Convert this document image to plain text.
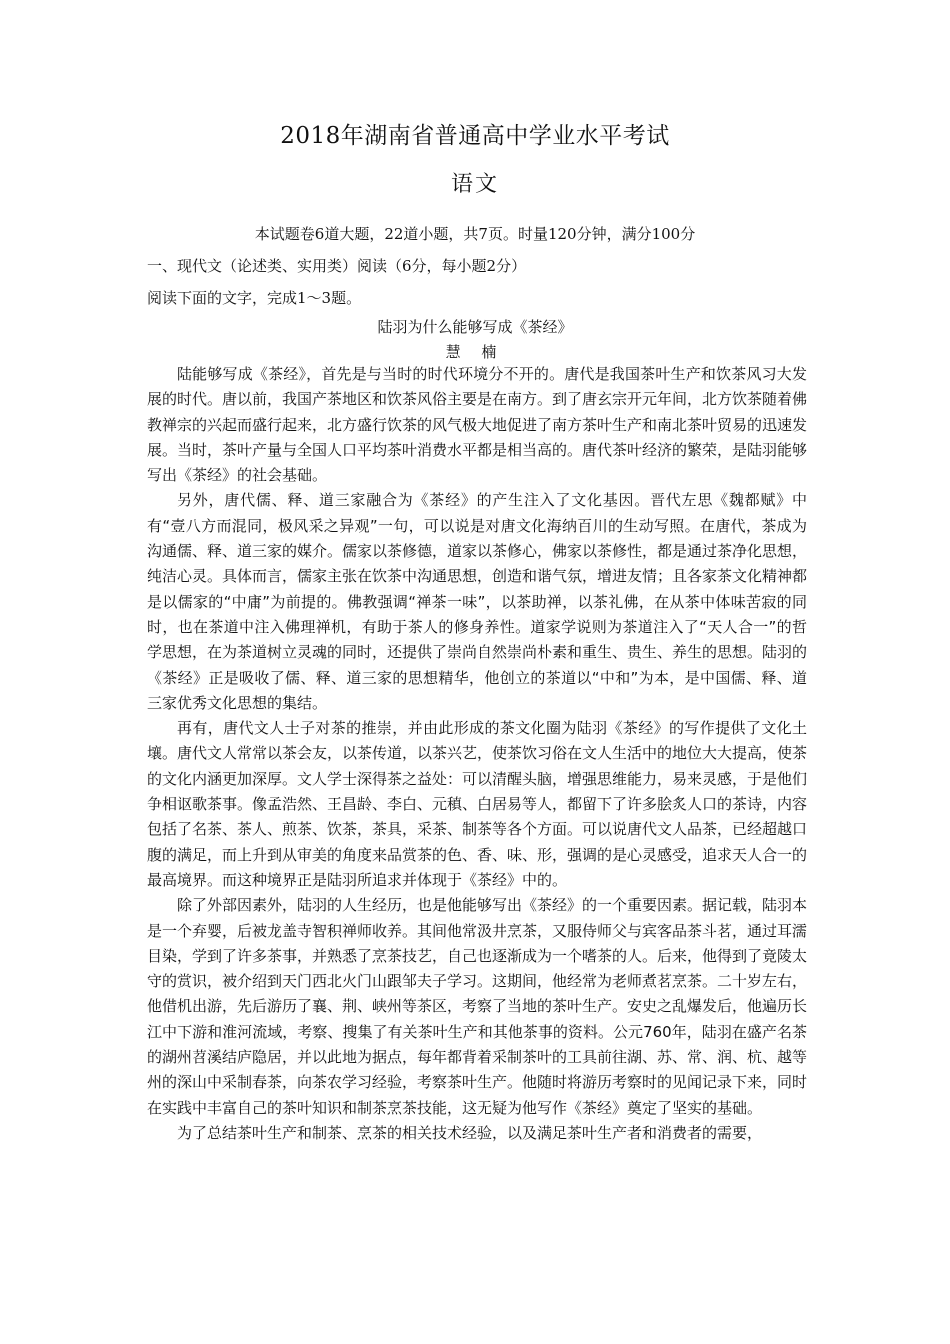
2018年湖南省普通高中学业水平考试
语文
本试题卷6道大题，22道小题，共7页。时量120分钟，满分100分
一、现代文（论述类、实用类）阅读（6分，每小题2分）
阅读下面的文字，完成1～3题。
陆羽为什么能够写成《茶经》
慧 楠

陆能够写成《茶经》，首先是与当时的时代环境分不开的。唐代是我国茶叶生产和饮茶风习大发展的时代。唐以前，我国产茶地区和饮茶风俗主要是在南方。到了唐玄宗开元年间，北方饮茶随着佛教禅宗的兴起而盛行起来，北方盛行饮茶的风气极大地促进了南方茶叶生产和南北茶叶贸易的迅速发展。当时，茶叶产量与全国人口平均茶叶消费水平都是相当高的。唐代茶叶经济的繁荣，是陆羽能够写出《茶经》的社会基础。

另外，唐代儒、释、道三家融合为《茶经》的产生注入了文化基因。晋代左思《魏都赋》中有“壹八方而混同，极风采之异观”一句，可以说是对唐文化海纳百川的生动写照。在唐代，茶成为沟通儒、释、道三家的媒介。儒家以茶修德，道家以茶修心，佛家以茶修性，都是通过茶净化思想，纯洁心灵。具体而言，儒家主张在饮茶中沟通思想，创造和谐气氛，增进友情；且各家茶文化精神都是以儒家的“中庸”为前提的。佛教强调“禅茶一味”，以茶助禅，以茶礼佛，在从茶中体味苦寂的同时，也在茶道中注入佛理禅机，有助于茶人的修身养性。道家学说则为茶道注入了“天人合一”的哲学思想，在为茶道树立灵魂的同时，还提供了崇尚自然崇尚朴素和重生、贵生、养生的思想。陆羽的《茶经》正是吸收了儒、释、道三家的思想精华，他创立的茶道以“中和”为本，是中国儒、释、道三家优秀文化思想的集结。

再有，唐代文人士子对茶的推崇，并由此形成的茶文化圈为陆羽《茶经》的写作提供了文化土壤。唐代文人常常以茶会友，以茶传道，以茶兴艺，使茶饮习俗在文人生活中的地位大大提高，使茶的文化内涵更加深厚。文人学士深得茶之益处：可以清醒头脑，增强思维能力，易来灵感，于是他们争相讴歌茶事。像孟浩然、王昌龄、李白、元稹、白居易等人，都留下了许多脍炙人口的茶诗，内容包括了名茶、茶人、煎茶、饮茶，茶具，采茶、制茶等各个方面。可以说唐代文人品茶，已经超越口腹的满足，而上升到从审美的角度来品赏茶的色、香、味、形，强调的是心灵感受，追求天人合一的最高境界。而这种境界正是陆羽所追求并体现于《茶经》中的。

除了外部因素外，陆羽的人生经历，也是他能够写出《茶经》的一个重要因素。据记载，陆羽本是一个弃婴，后被龙盖寺智积禅师收养。其间他常汲井烹茶，又服侍师父与宾客品茶斗茗，通过耳濡目染，学到了许多茶事，并熟悉了烹茶技艺，自己也逐渐成为一个嗜茶的人。后来，他得到了竟陵太守的赏识，被介绍到天门西北火门山跟邹夫子学习。这期间，他经常为老师煮茗烹茶。二十岁左右，他借机出游，先后游历了襄、荆、峡州等茶区，考察了当地的茶叶生产。安史之乱爆发后，他遍历长江中下游和淮河流域，考察、搜集了有关茶叶生产和其他茶事的资料。公元760年，陆羽在盛产名茶的湖州苕溪结庐隐居，并以此地为据点，每年都背着采制茶叶的工具前往湖、苏、常、润、杭、越等州的深山中采制春茶，向茶农学习经验，考察茶叶生产。他随时将游历考察时的见闻记录下来，同时在实践中丰富自己的茶叶知识和制茶烹茶技能，这无疑为他写作《茶经》奠定了坚实的基础。

为了总结茶叶生产和制茶、烹茶的相关技术经验，以及满足茶叶生产者和消费者的需要，
